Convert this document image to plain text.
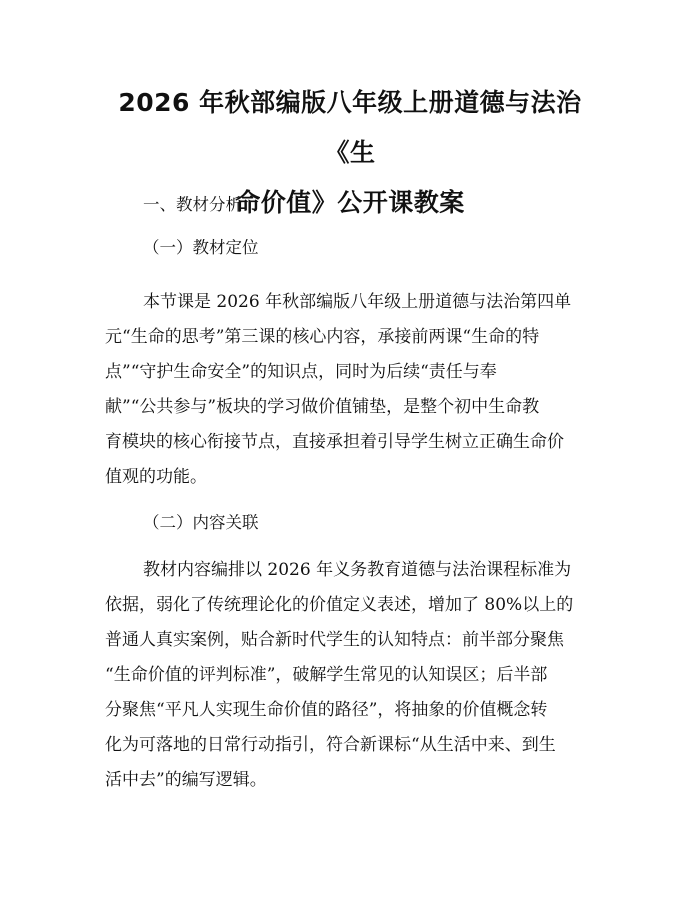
2026 年秋部编版八年级上册道德与法治《生
命价值》公开课教案

一、教材分析

（一）教材定位

本节课是 2026 年秋部编版八年级上册道德与法治第四单
元“生命的思考”第三课的核心内容，承接前两课“生命的特
点”“守护生命安全”的知识点，同时为后续“责任与奉
献”“公共参与”板块的学习做价值铺垫，是整个初中生命教
育模块的核心衔接节点，直接承担着引导学生树立正确生命价
值观的功能。

（二）内容关联

教材内容编排以 2026 年义务教育道德与法治课程标准为
依据，弱化了传统理论化的价值定义表述，增加了 80%以上的
普通人真实案例，贴合新时代学生的认知特点：前半部分聚焦
“生命价值的评判标准”，破解学生常见的认知误区；后半部
分聚焦“平凡人实现生命价值的路径”，将抽象的价值概念转
化为可落地的日常行动指引，符合新课标“从生活中来、到生
活中去”的编写逻辑。
